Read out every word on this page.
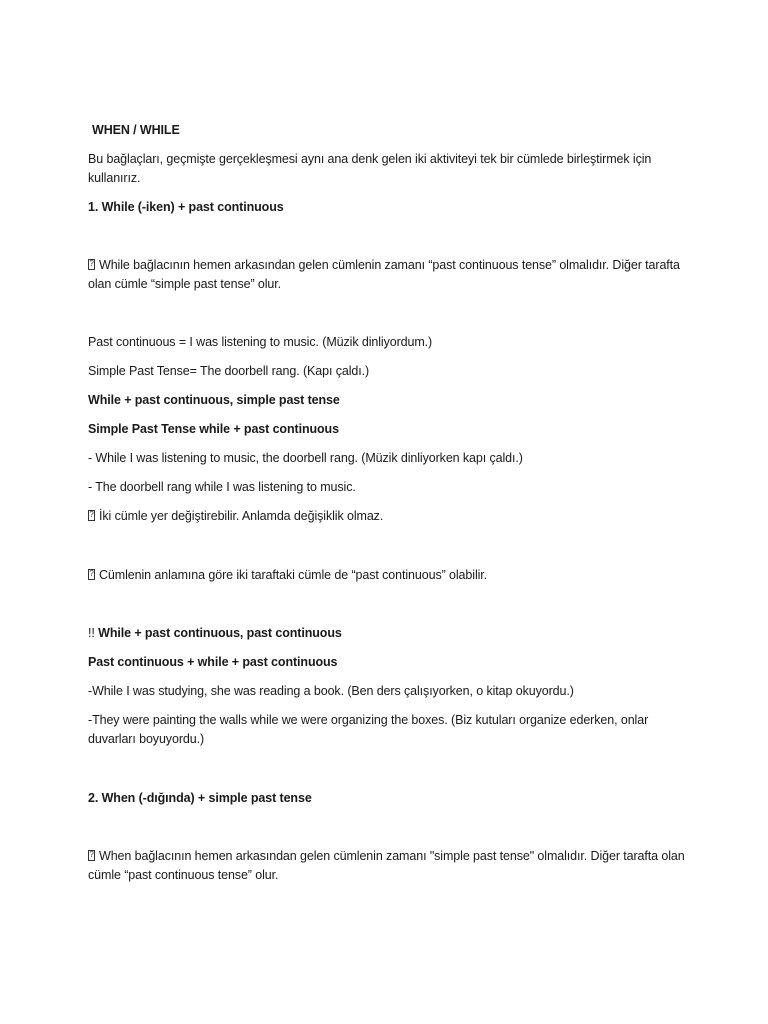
WHEN / WHILE
Bu bağlaçları, geçmişte gerçekleşmesi aynı ana denk gelen iki aktiviteyi tek bir cümlede birleştirmek için kullanırız.
1. While (-iken) + past continuous
?While bağlacının hemen arkasından gelen cümlenin zamanı “past continuous tense” olmalıdır. Diğer tarafta olan cümle “simple past tense” olur.
Past continuous = I was listening to music. (Müzik dinliyordum.)
Simple Past Tense= The doorbell rang. (Kapı çaldı.)
While + past continuous, simple past tense
Simple Past Tense while + past continuous
- While I was listening to music, the doorbell rang. (Müzik dinliyorken kapı çaldı.)
- The doorbell rang while I was listening to music.
?İki cümle yer değiştirebilir. Anlamda değişiklik olmaz.
?Cümlenin anlamına göre iki taraftaki cümle de “past continuous” olabilir.
!! While + past continuous, past continuous
Past continuous + while + past continuous
-While I was studying, she was reading a book. (Ben ders çalışıyorken, o kitap okuyordu.)
-They were painting the walls while we were organizing the boxes. (Biz kutuları organize ederken, onlar duvarları boyuyordu.)
2. When (-dığında) + simple past tense
?When bağlacının hemen arkasından gelen cümlenin zamanı "simple past tense" olmalıdır. Diğer tarafta olan cümle “past continuous tense” olur.
